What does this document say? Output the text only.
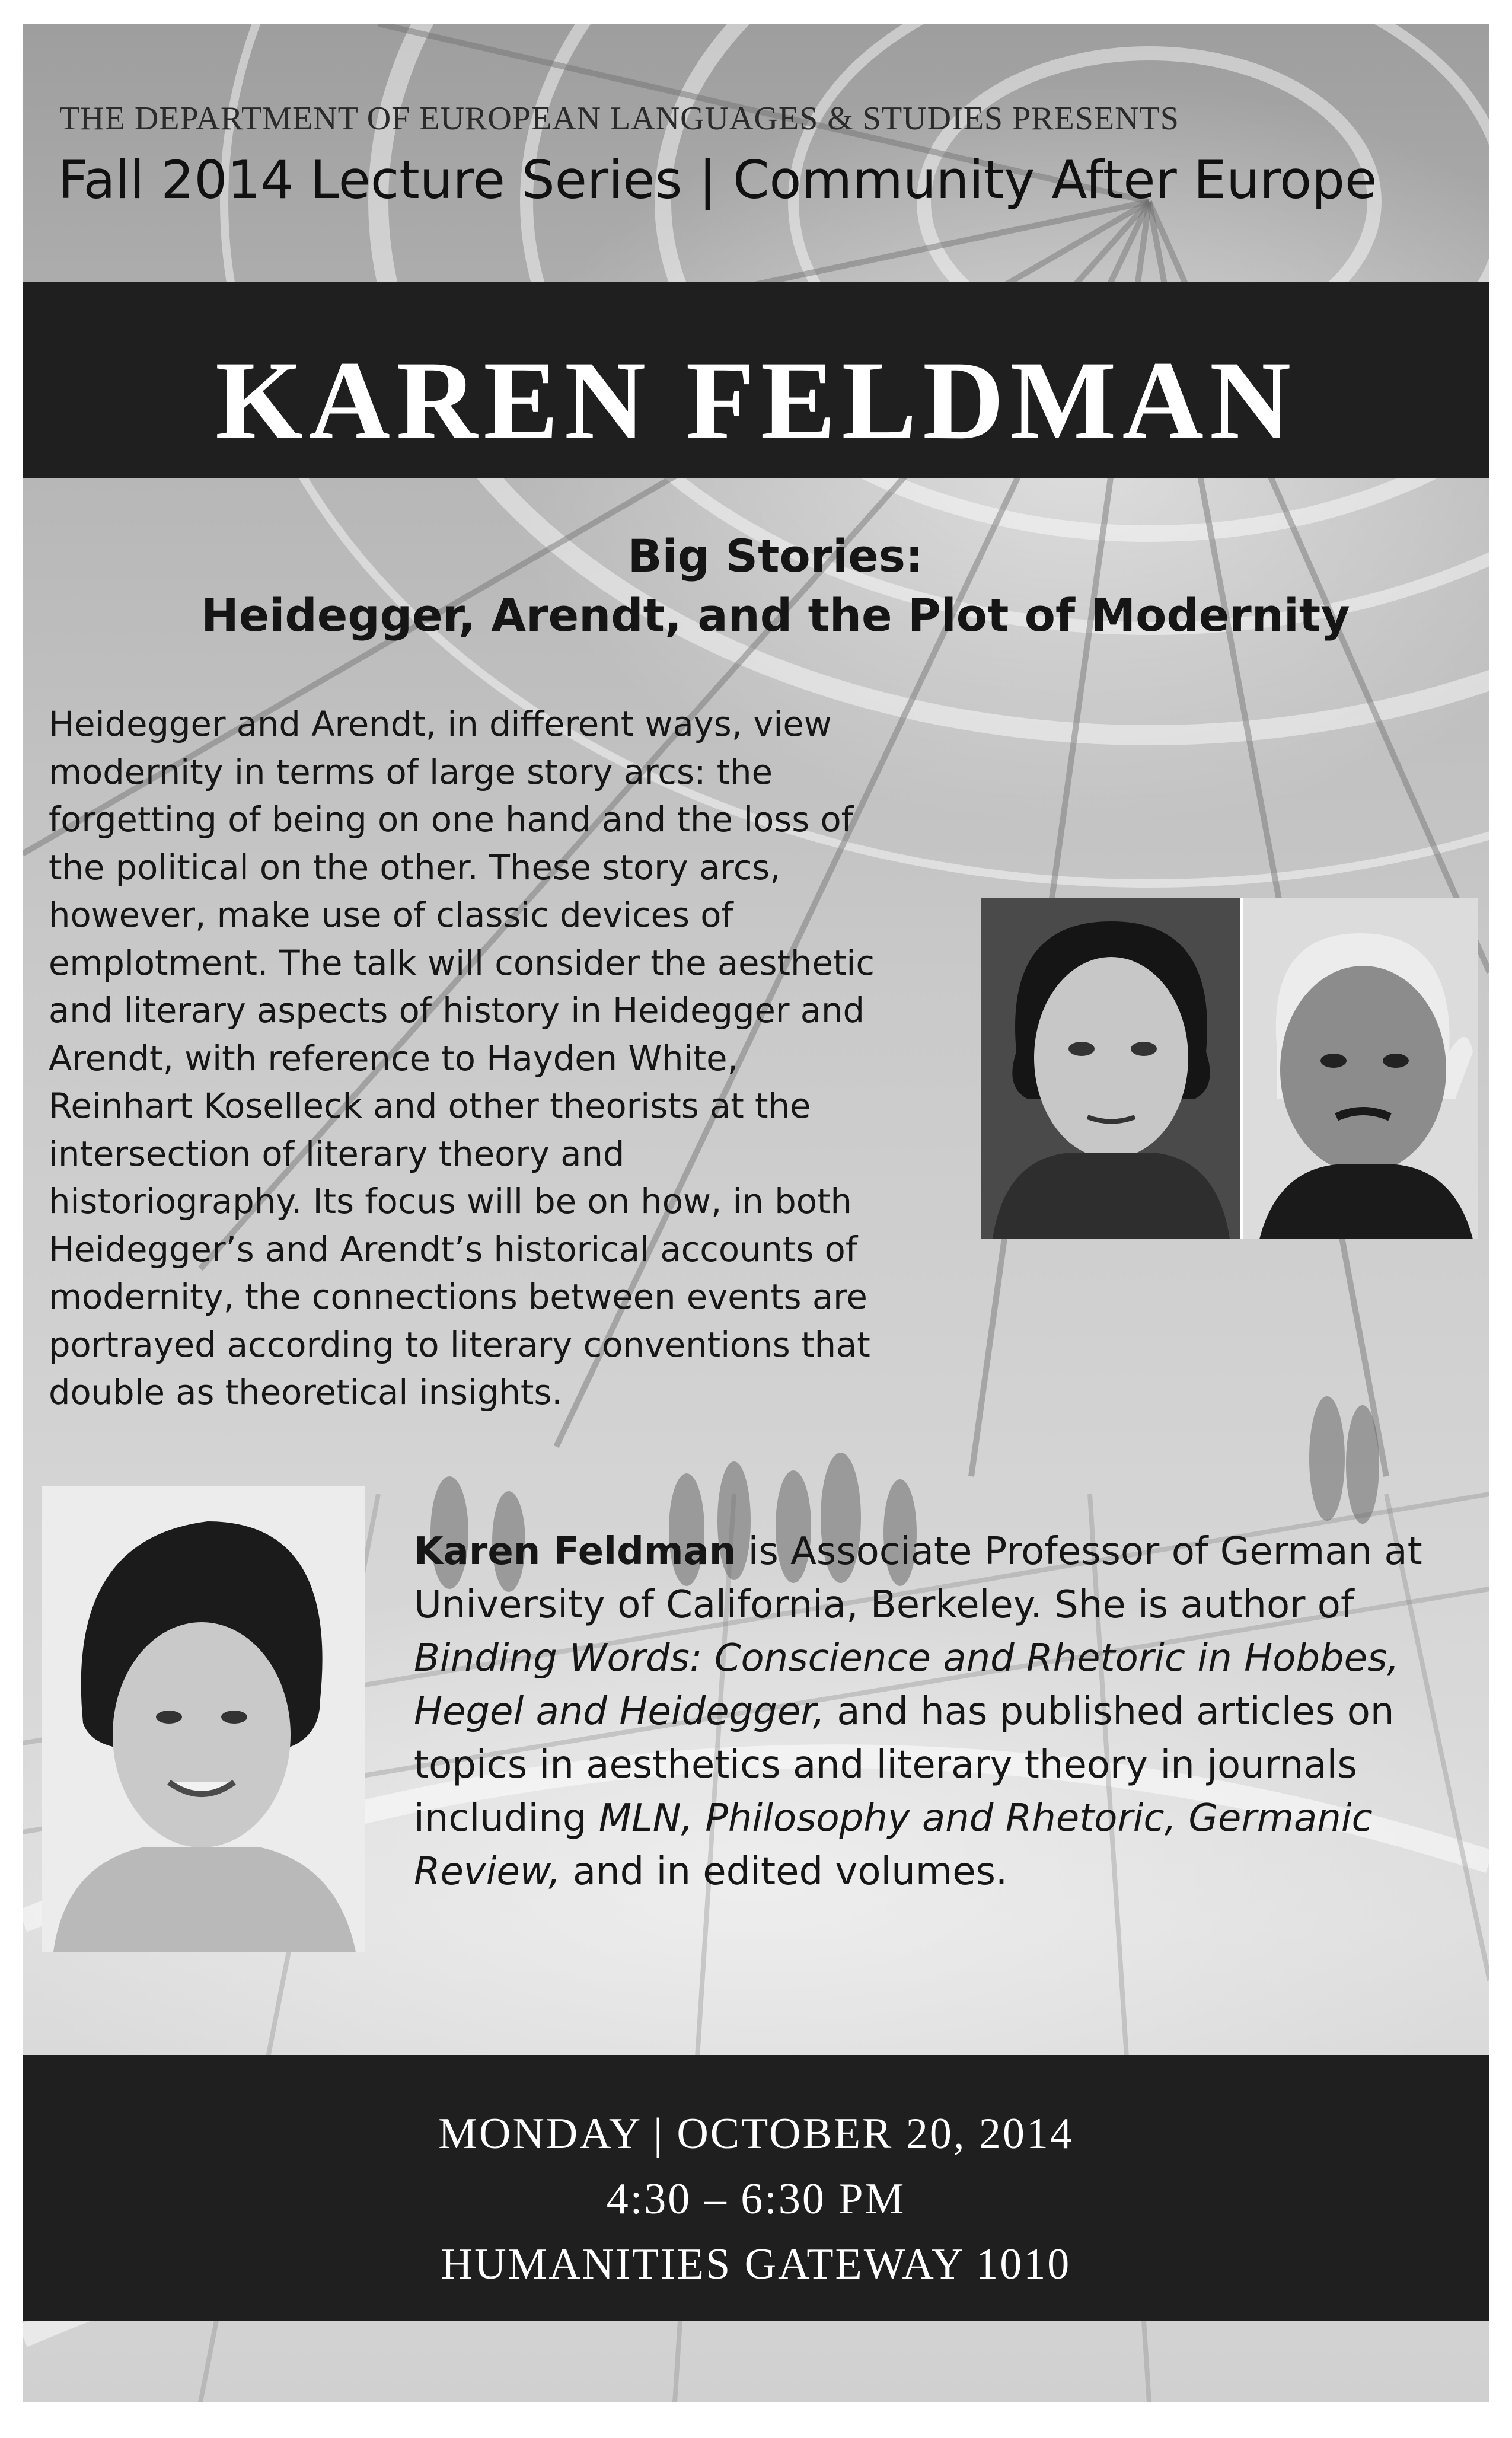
THE DEPARTMENT OF EUROPEAN LANGUAGES & STUDIES PRESENTS
Fall 2014 Lecture Series | Community After Europe
KAREN FELDMAN
Big Stories:
Heidegger, Arendt, and the Plot of Modernity
Heidegger and Arendt, in different ways, view
modernity in terms of large story arcs: the
forgetting of being on one hand and the loss of
the political on the other. These story arcs,
however, make use of classic devices of
emplotment. The talk will consider the aesthetic
and literary aspects of history in Heidegger and
Arendt, with reference to Hayden White,
Reinhart Koselleck and other theorists at the
intersection of literary theory and
historiography. Its focus will be on how, in both
Heidegger’s and Arendt’s historical accounts of
modernity, the connections between events are
portrayed according to literary conventions that
double as theoretical insights.
Karen Feldman is Associate Professor of German at University of California, Berkeley. She is author of Binding Words: Conscience and Rhetoric in Hobbes, Hegel and Heidegger, and has published articles on topics in aesthetics and literary theory in journals including MLN, Philosophy and Rhetoric, Germanic Review, and in edited volumes.
MONDAY | OCTOBER 20, 2014
4:30 – 6:30 PM
HUMANITIES GATEWAY 1010
